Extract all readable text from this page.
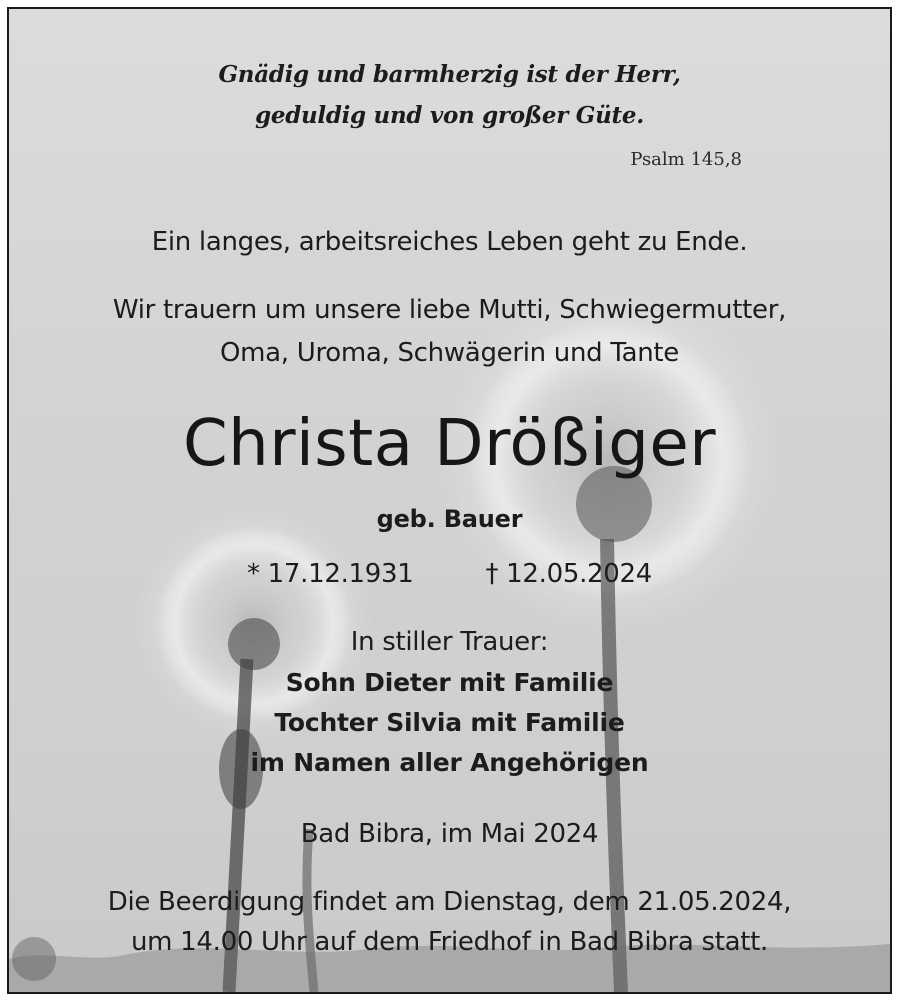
Gnädig und barmherzig ist der Herr,
geduldig und von großer Güte.
Psalm 145,8
Ein langes, arbeitsreiches Leben geht zu Ende.
Wir trauern um unsere liebe Mutti, Schwiegermutter,
Oma, Uroma, Schwägerin und Tante
Christa Drößiger
geb. Bauer
* 17.12.1931	† 12.05.2024
In stiller Trauer:
Sohn Dieter mit Familie
Tochter Silvia mit Familie
im Namen aller Angehörigen
Bad Bibra, im Mai 2024
Die Beerdigung findet am Dienstag, dem 21.05.2024,
um 14.00 Uhr auf dem Friedhof in Bad Bibra statt.
